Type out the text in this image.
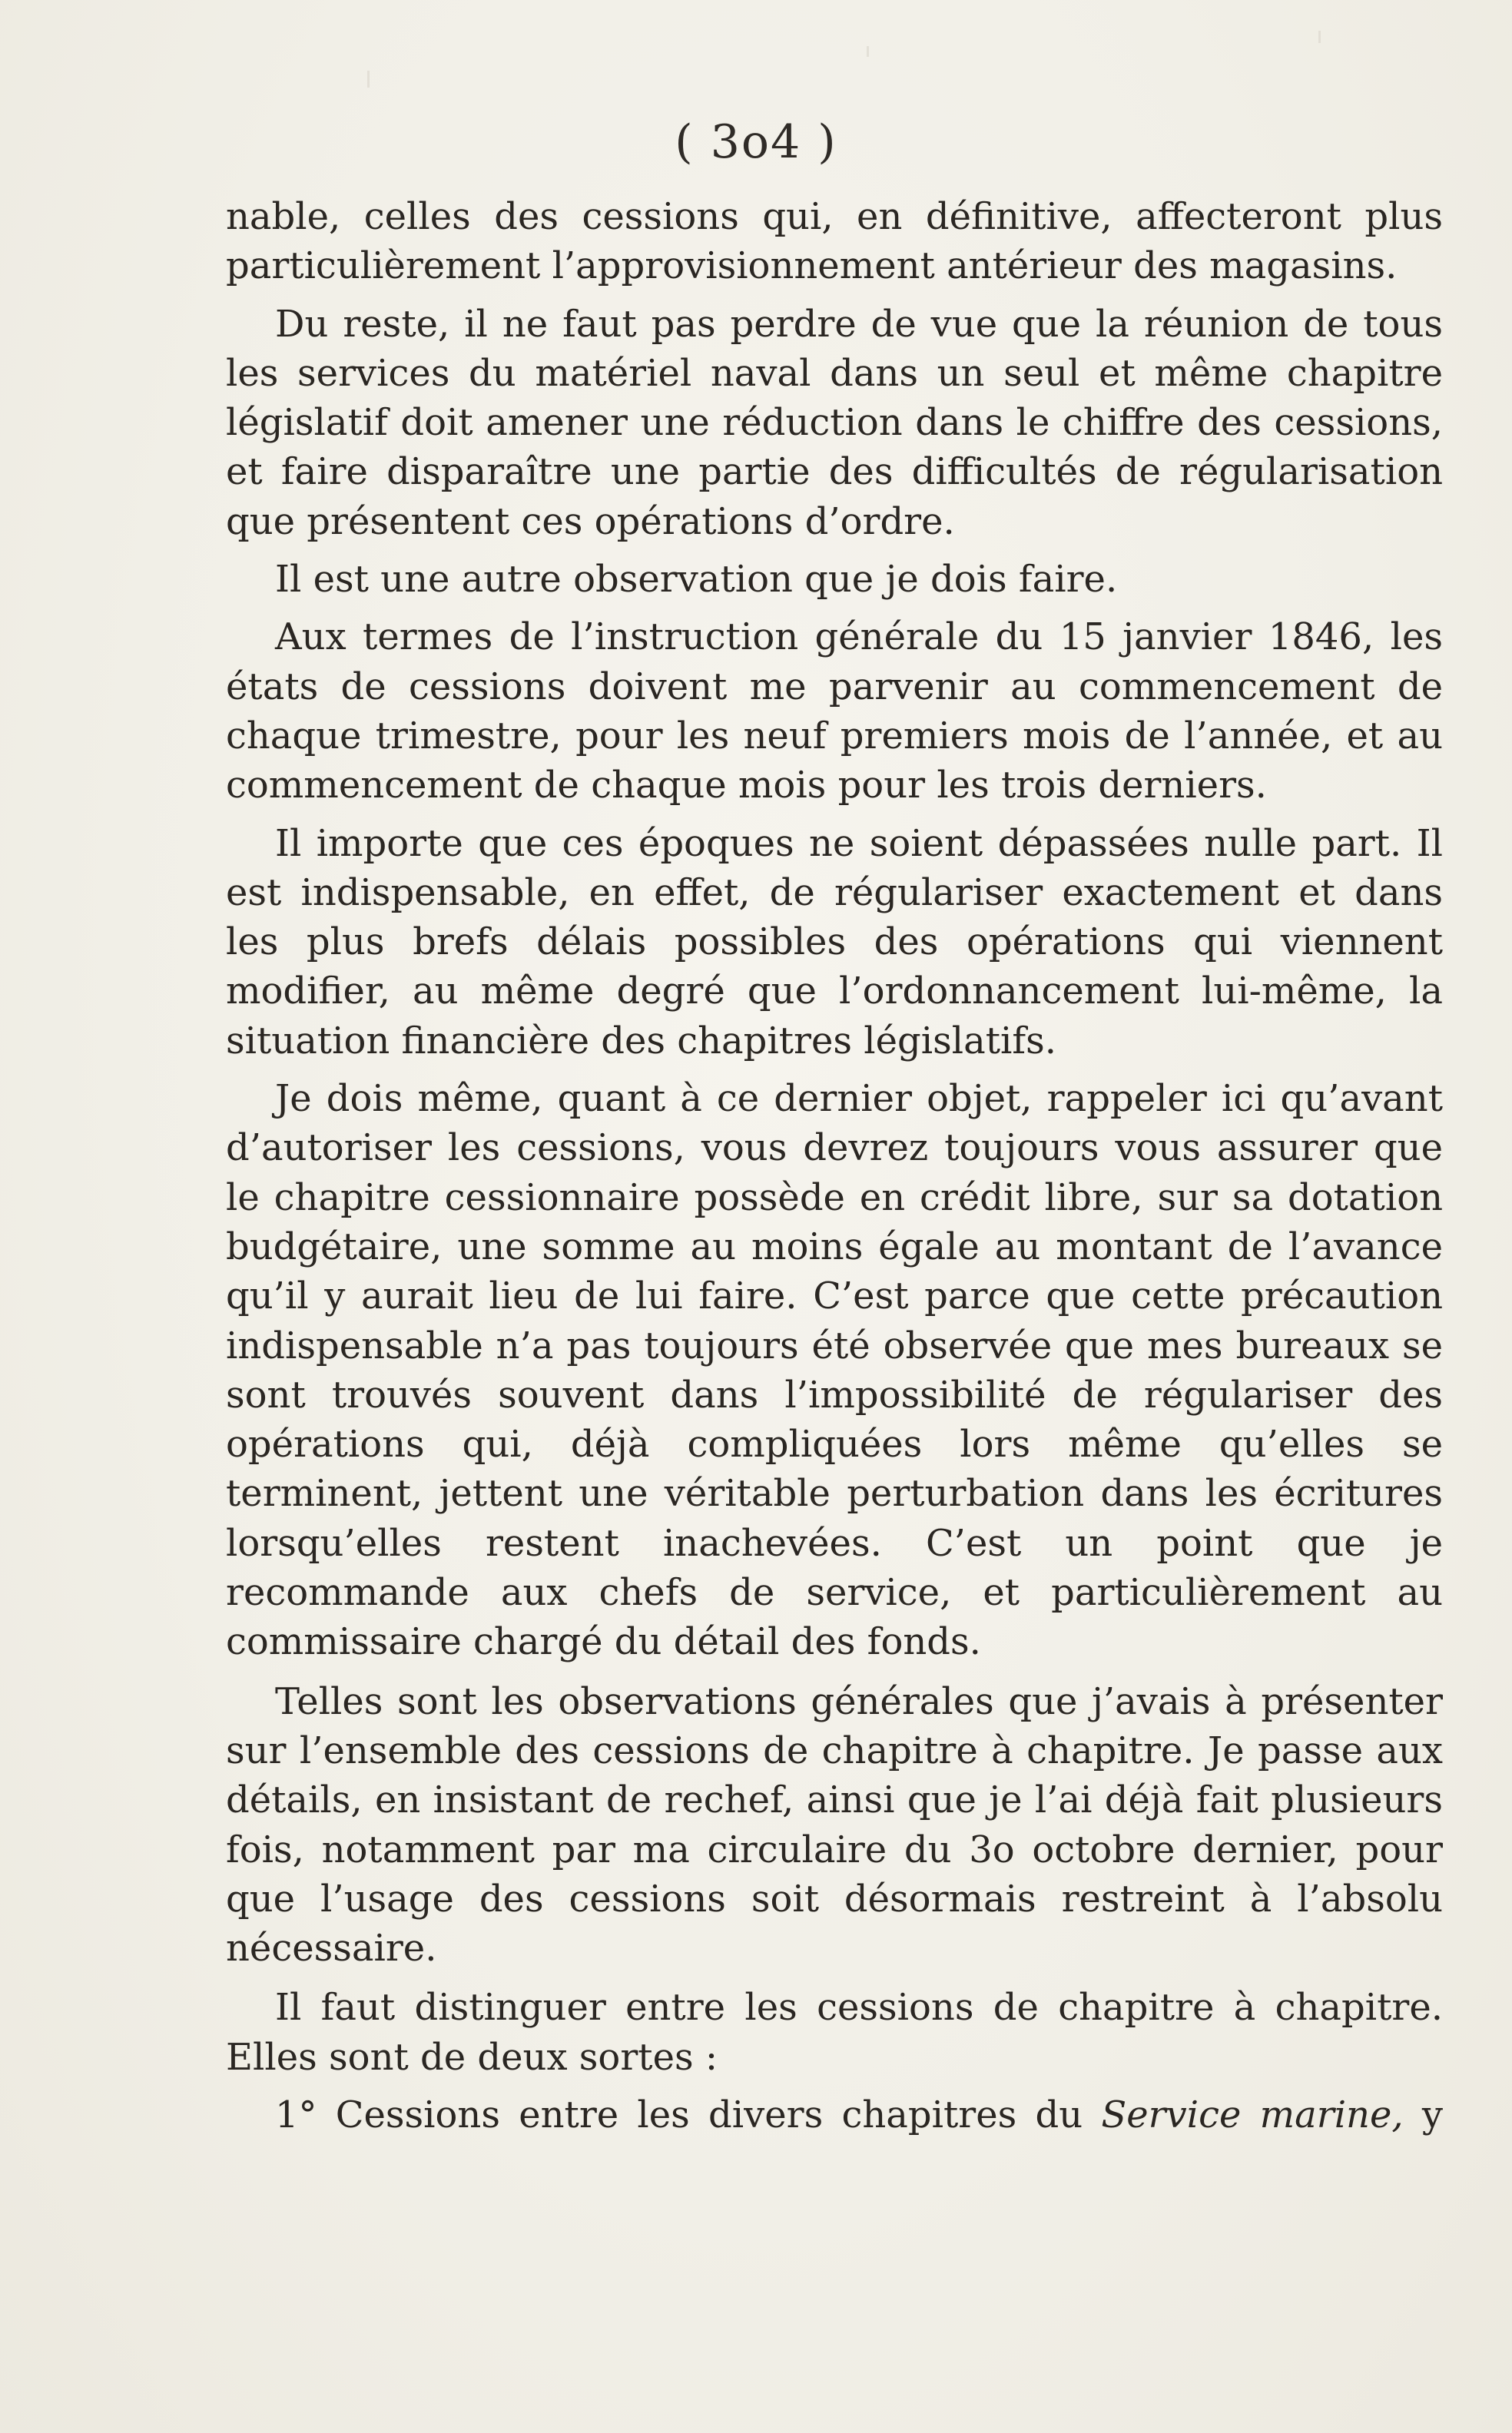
( 3o4 )

nable, celles des cessions qui, en définitive, affecteront plus particulièrement l’approvisionnement antérieur des magasins.

Du reste, il ne faut pas perdre de vue que la réunion de tous les services du matériel naval dans un seul et même chapitre législatif doit amener une réduction dans le chiffre des cessions, et faire disparaître une partie des difficultés de régularisation que présentent ces opérations d’ordre.

Il est une autre observation que je dois faire.

Aux termes de l’instruction générale du 15 janvier 1846, les états de cessions doivent me parvenir au commencement de chaque trimestre, pour les neuf premiers mois de l’année, et au commencement de chaque mois pour les trois derniers.

Il importe que ces époques ne soient dépassées nulle part. Il est indispensable, en effet, de régulariser exactement et dans les plus brefs délais possibles des opérations qui viennent modifier, au même degré que l’ordonnancement lui-même, la situation financière des chapitres législatifs.

Je dois même, quant à ce dernier objet, rappeler ici qu’avant d’autoriser les cessions, vous devrez toujours vous assurer que le chapitre cessionnaire possède en crédit libre, sur sa dotation budgétaire, une somme au moins égale au montant de l’avance qu’il y aurait lieu de lui faire. C’est parce que cette précaution indispensable n’a pas toujours été observée que mes bureaux se sont trouvés souvent dans l’impossibilité de régulariser des opérations qui, déjà compliquées lors même qu’elles se terminent, jettent une véritable perturbation dans les écritures lorsqu’elles restent inachevées. C’est un point que je recommande aux chefs de service, et particulièrement au commissaire chargé du détail des fonds.

Telles sont les observations générales que j’avais à présenter sur l’ensemble des cessions de chapitre à chapitre. Je passe aux détails, en insistant de rechef, ainsi que je l’ai déjà fait plusieurs fois, notamment par ma circulaire du 3o octobre dernier, pour que l’usage des cessions soit désormais restreint à l’absolu nécessaire.

Il faut distinguer entre les cessions de chapitre à chapitre. Elles sont de deux sortes :

1° Cessions entre les divers chapitres du Service marine, y
